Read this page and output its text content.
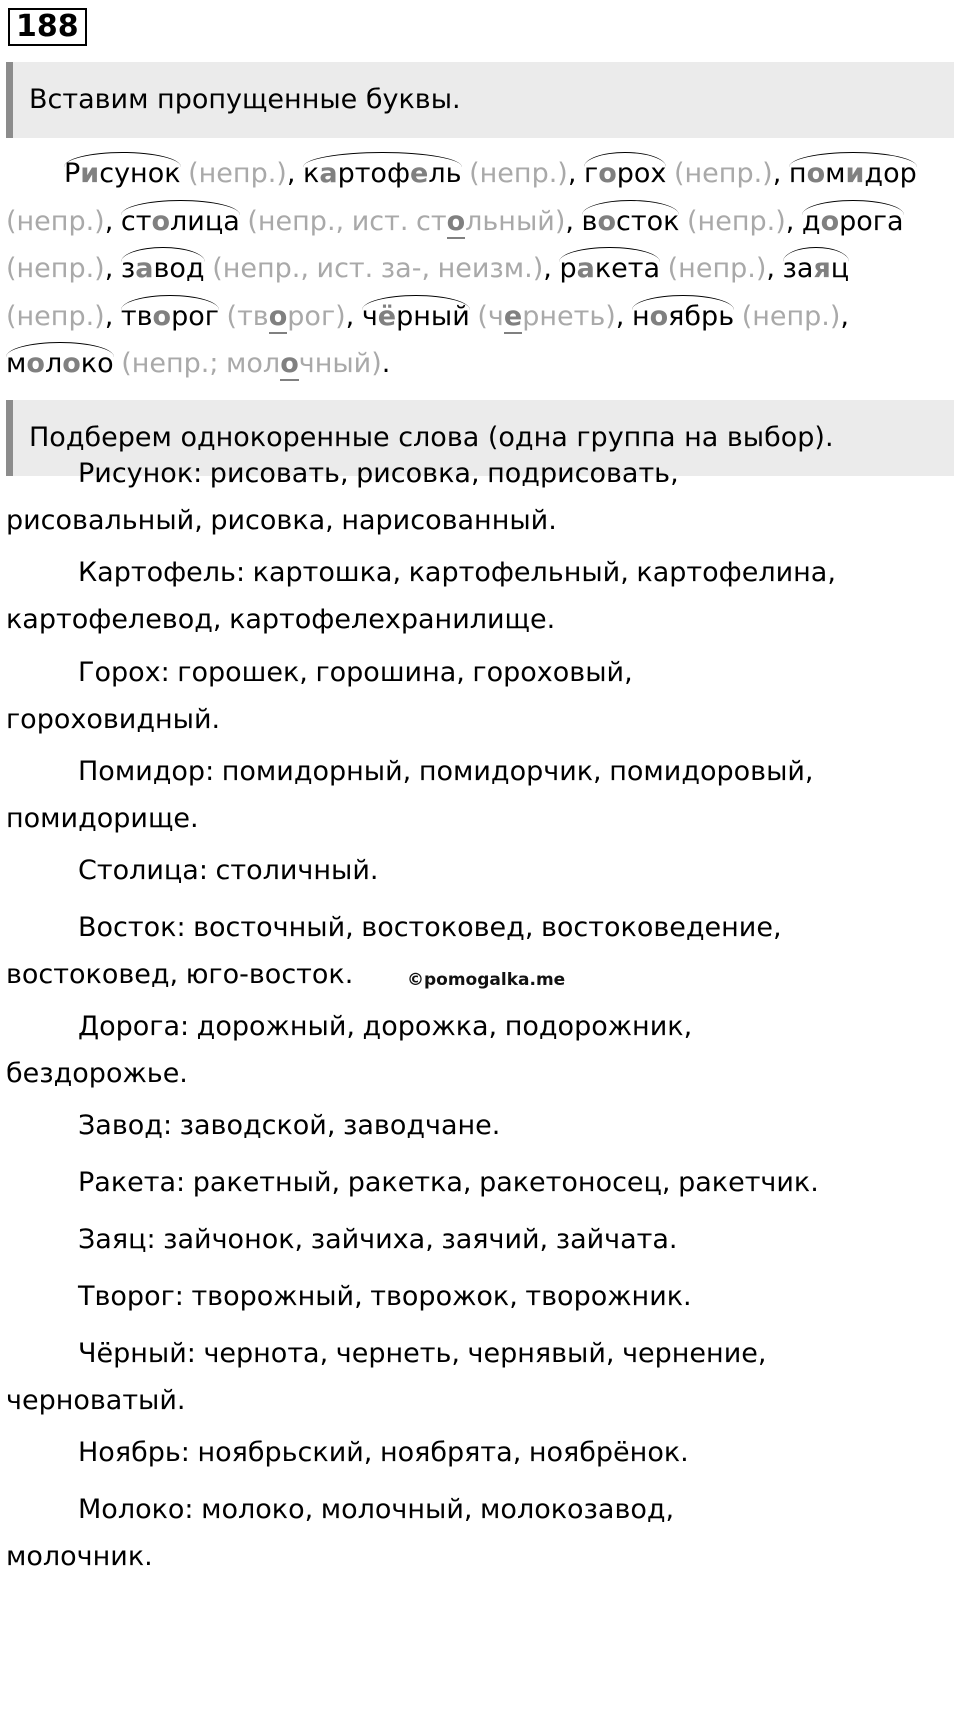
188
Вставим пропущенные буквы.
Рисунок (непр.),
картофель (непр.),
горох (непр.), помидор (непр.),
столица (непр., ист. стольный),
восток (непр.),
дорога (непр.),
завод (непр., ист. за-, неизм.), ракета (непр.),
заяц (непр.),
творог (творог),
чёрный (чернеть),
ноябрь (непр.),
молоко (непр.; молочный).
Подберем однокоренные слова (одна группа на выбор).
Рисунок: рисовать, рисовка, подрисовать,
рисовальный, рисовка, нарисованный.
Картофель: картошка, картофельный, картофелина,
картофелевод, картофелехранилище.
Горох: горошек, горошина, гороховый,
гороховидный.
Помидор: помидорный, помидорчик, помидоровый,
помидорище.
Столица: столичный.
Восток: восточный, востоковед, востоковедение,
востоковед, юго-восток.
Дорога: дорожный, дорожка, подорожник,
бездорожье.
Завод: заводской, заводчане.
Ракета: ракетный, ракетка, ракетоносец, ракетчик.
Заяц: зайчонок, зайчиха, заячий, зайчата.
Творог: творожный, творожок, творожник.
Чёрный: чернота, чернеть, чернявый, чернение,
черноватый.
Ноябрь: ноябрьский, ноябрята, ноябрёнок.
Молоко: молоко, молочный, молокозавод,
молочник.
©pomogalka.me
